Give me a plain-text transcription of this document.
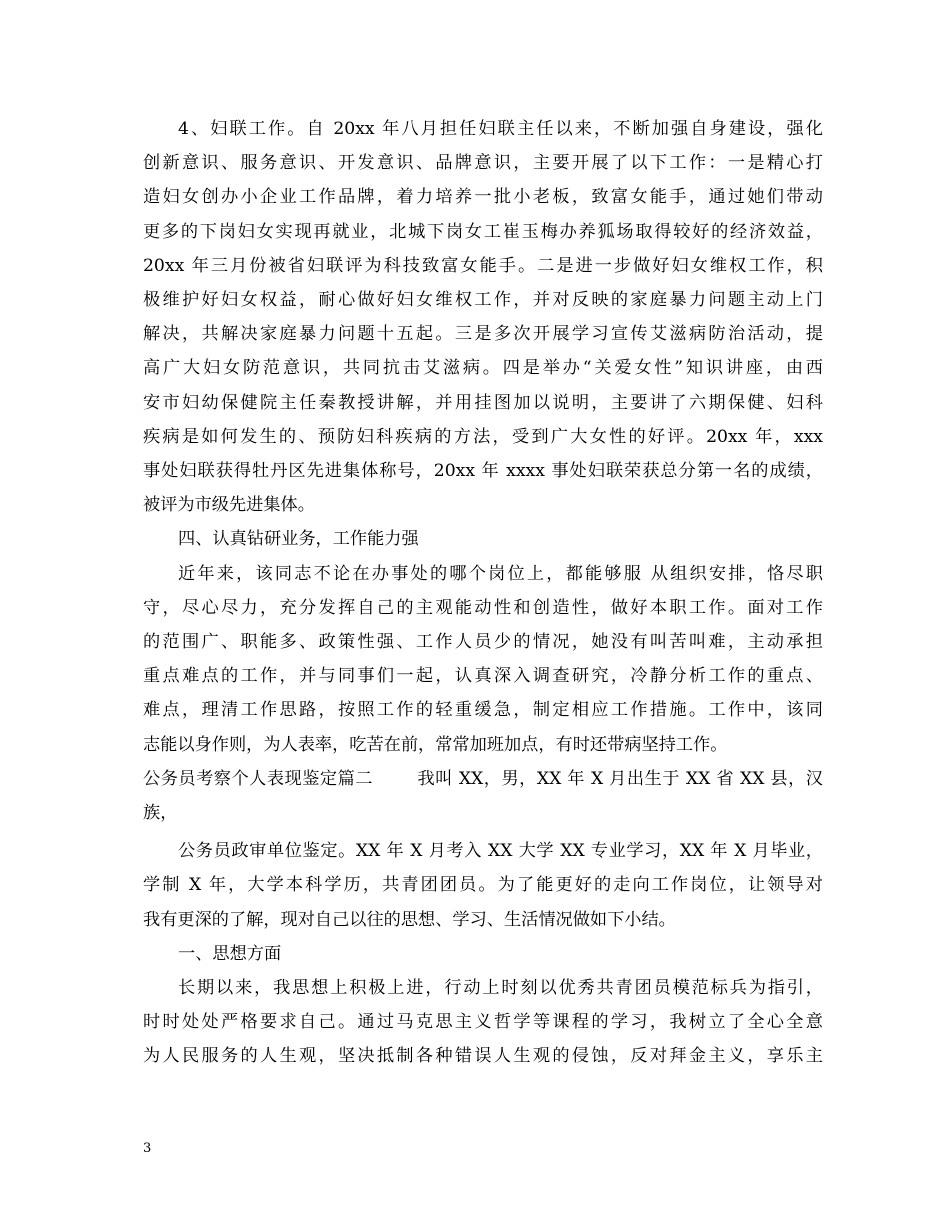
4、妇联工作。自 20xx 年八月担任妇联主任以来，不断加强自身建设，强化
创新意识、服务意识、开发意识、品牌意识，主要开展了以下工作：一是精心打
造妇女创办小企业工作品牌，着力培养一批小老板，致富女能手，通过她们带动
更多的下岗妇女实现再就业，北城下岗女工崔玉梅办养狐场取得较好的经济效益，
20xx 年三月份被省妇联评为科技致富女能手。二是进一步做好妇女维权工作，积
极维护好妇女权益，耐心做好妇女维权工作，并对反映的家庭暴力问题主动上门
解决，共解决家庭暴力问题十五起。三是多次开展学习宣传艾滋病防治活动，提
高广大妇女防范意识，共同抗击艾滋病。四是举办“关爱女性”知识讲座，由西
安市妇幼保健院主任秦教授讲解，并用挂图加以说明，主要讲了六期保健、妇科
疾病是如何发生的、预防妇科疾病的方法，受到广大女性的好评。20xx 年，xxx
事处妇联获得牡丹区先进集体称号，20xx 年 xxxx 事处妇联荣获总分第一名的成绩，
被评为市级先进集体。

四、认真钻研业务，工作能力强

近年来，该同志不论在办事处的哪个岗位上，都能够服 从组织安排，恪尽职
守，尽心尽力，充分发挥自己的主观能动性和创造性，做好本职工作。面对工作
的范围广、职能多、政策性强、工作人员少的情况，她没有叫苦叫难，主动承担
重点难点的工作，并与同事们一起，认真深入调查研究，冷静分析工作的重点、
难点，理清工作思路，按照工作的轻重缓急，制定相应工作措施。工作中，该同
志能以身作则，为人表率，吃苦在前，常常加班加点，有时还带病坚持工作。

公务员考察个人表现鉴定篇二	我叫 XX，男，XX 年 X 月出生于 XX 省 XX 县，汉
族，

公务员政审单位鉴定。XX 年 X 月考入 XX 大学 XX 专业学习，XX 年 X 月毕业，
学制 X 年，大学本科学历，共青团团员。为了能更好的走向工作岗位，让领导对
我有更深的了解，现对自己以往的思想、学习、生活情况做如下小结。

一、思想方面

长期以来，我思想上积极上进，行动上时刻以优秀共青团员模范标兵为指引，
时时处处严格要求自己。通过马克思主义哲学等课程的学习，我树立了全心全意
为人民服务的人生观，坚决抵制各种错误人生观的侵蚀，反对拜金主义，享乐主

3
